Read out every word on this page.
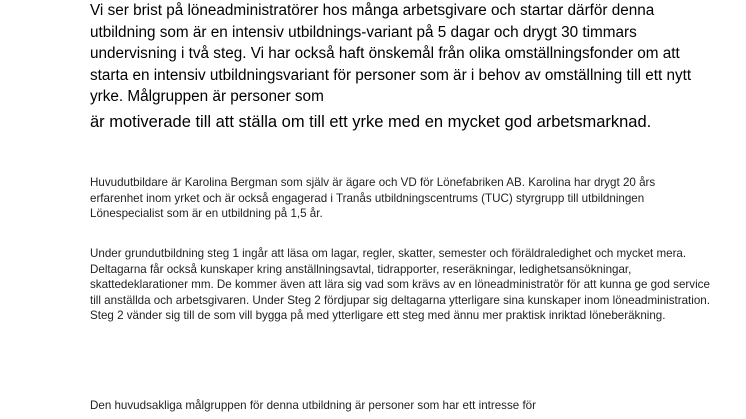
Vi ser brist på löneadministratörer hos många arbetsgivare och startar därför denna utbildning som är en intensiv utbildnings-variant på 5 dagar och drygt 30 timmars undervisning i två steg. Vi har också haft önskemål från olika omställningsfonder om att starta en intensiv utbildningsvariant för personer som är i behov av omställning till ett nytt yrke. Målgruppen är personer som
är motiverade till att ställa om till ett yrke med en mycket god arbetsmarknad.

Huvudutbildare är Karolina Bergman som själv är ägare och VD för Lönefabriken AB. Karolina har drygt 20 års erfarenhet inom yrket och är också engagerad i Tranås utbildningscentrums (TUC) styrgrupp till utbildningen Lönespecialist som är en utbildning på 1,5 år.

Under grundutbildning steg 1 ingår att läsa om lagar, regler, skatter, semester och föräldraledighet och mycket mera. Deltagarna får också kunskaper kring anställningsavtal, tidrapporter, reseräkningar, ledighetsansökningar, skattedeklarationer mm. De kommer även att lära sig vad som krävs av en löneadministratör för att kunna ge god service till anställda och arbetsgivaren. Under Steg 2 fördjupar sig deltagarna ytterligare sina kunskaper inom löneadministration. Steg 2 vänder sig till de som vill bygga på med ytterligare ett steg med ännu mer praktisk inriktad löneberäkning.

Den huvudsakliga målgruppen för denna utbildning är personer som har ett intresse för
